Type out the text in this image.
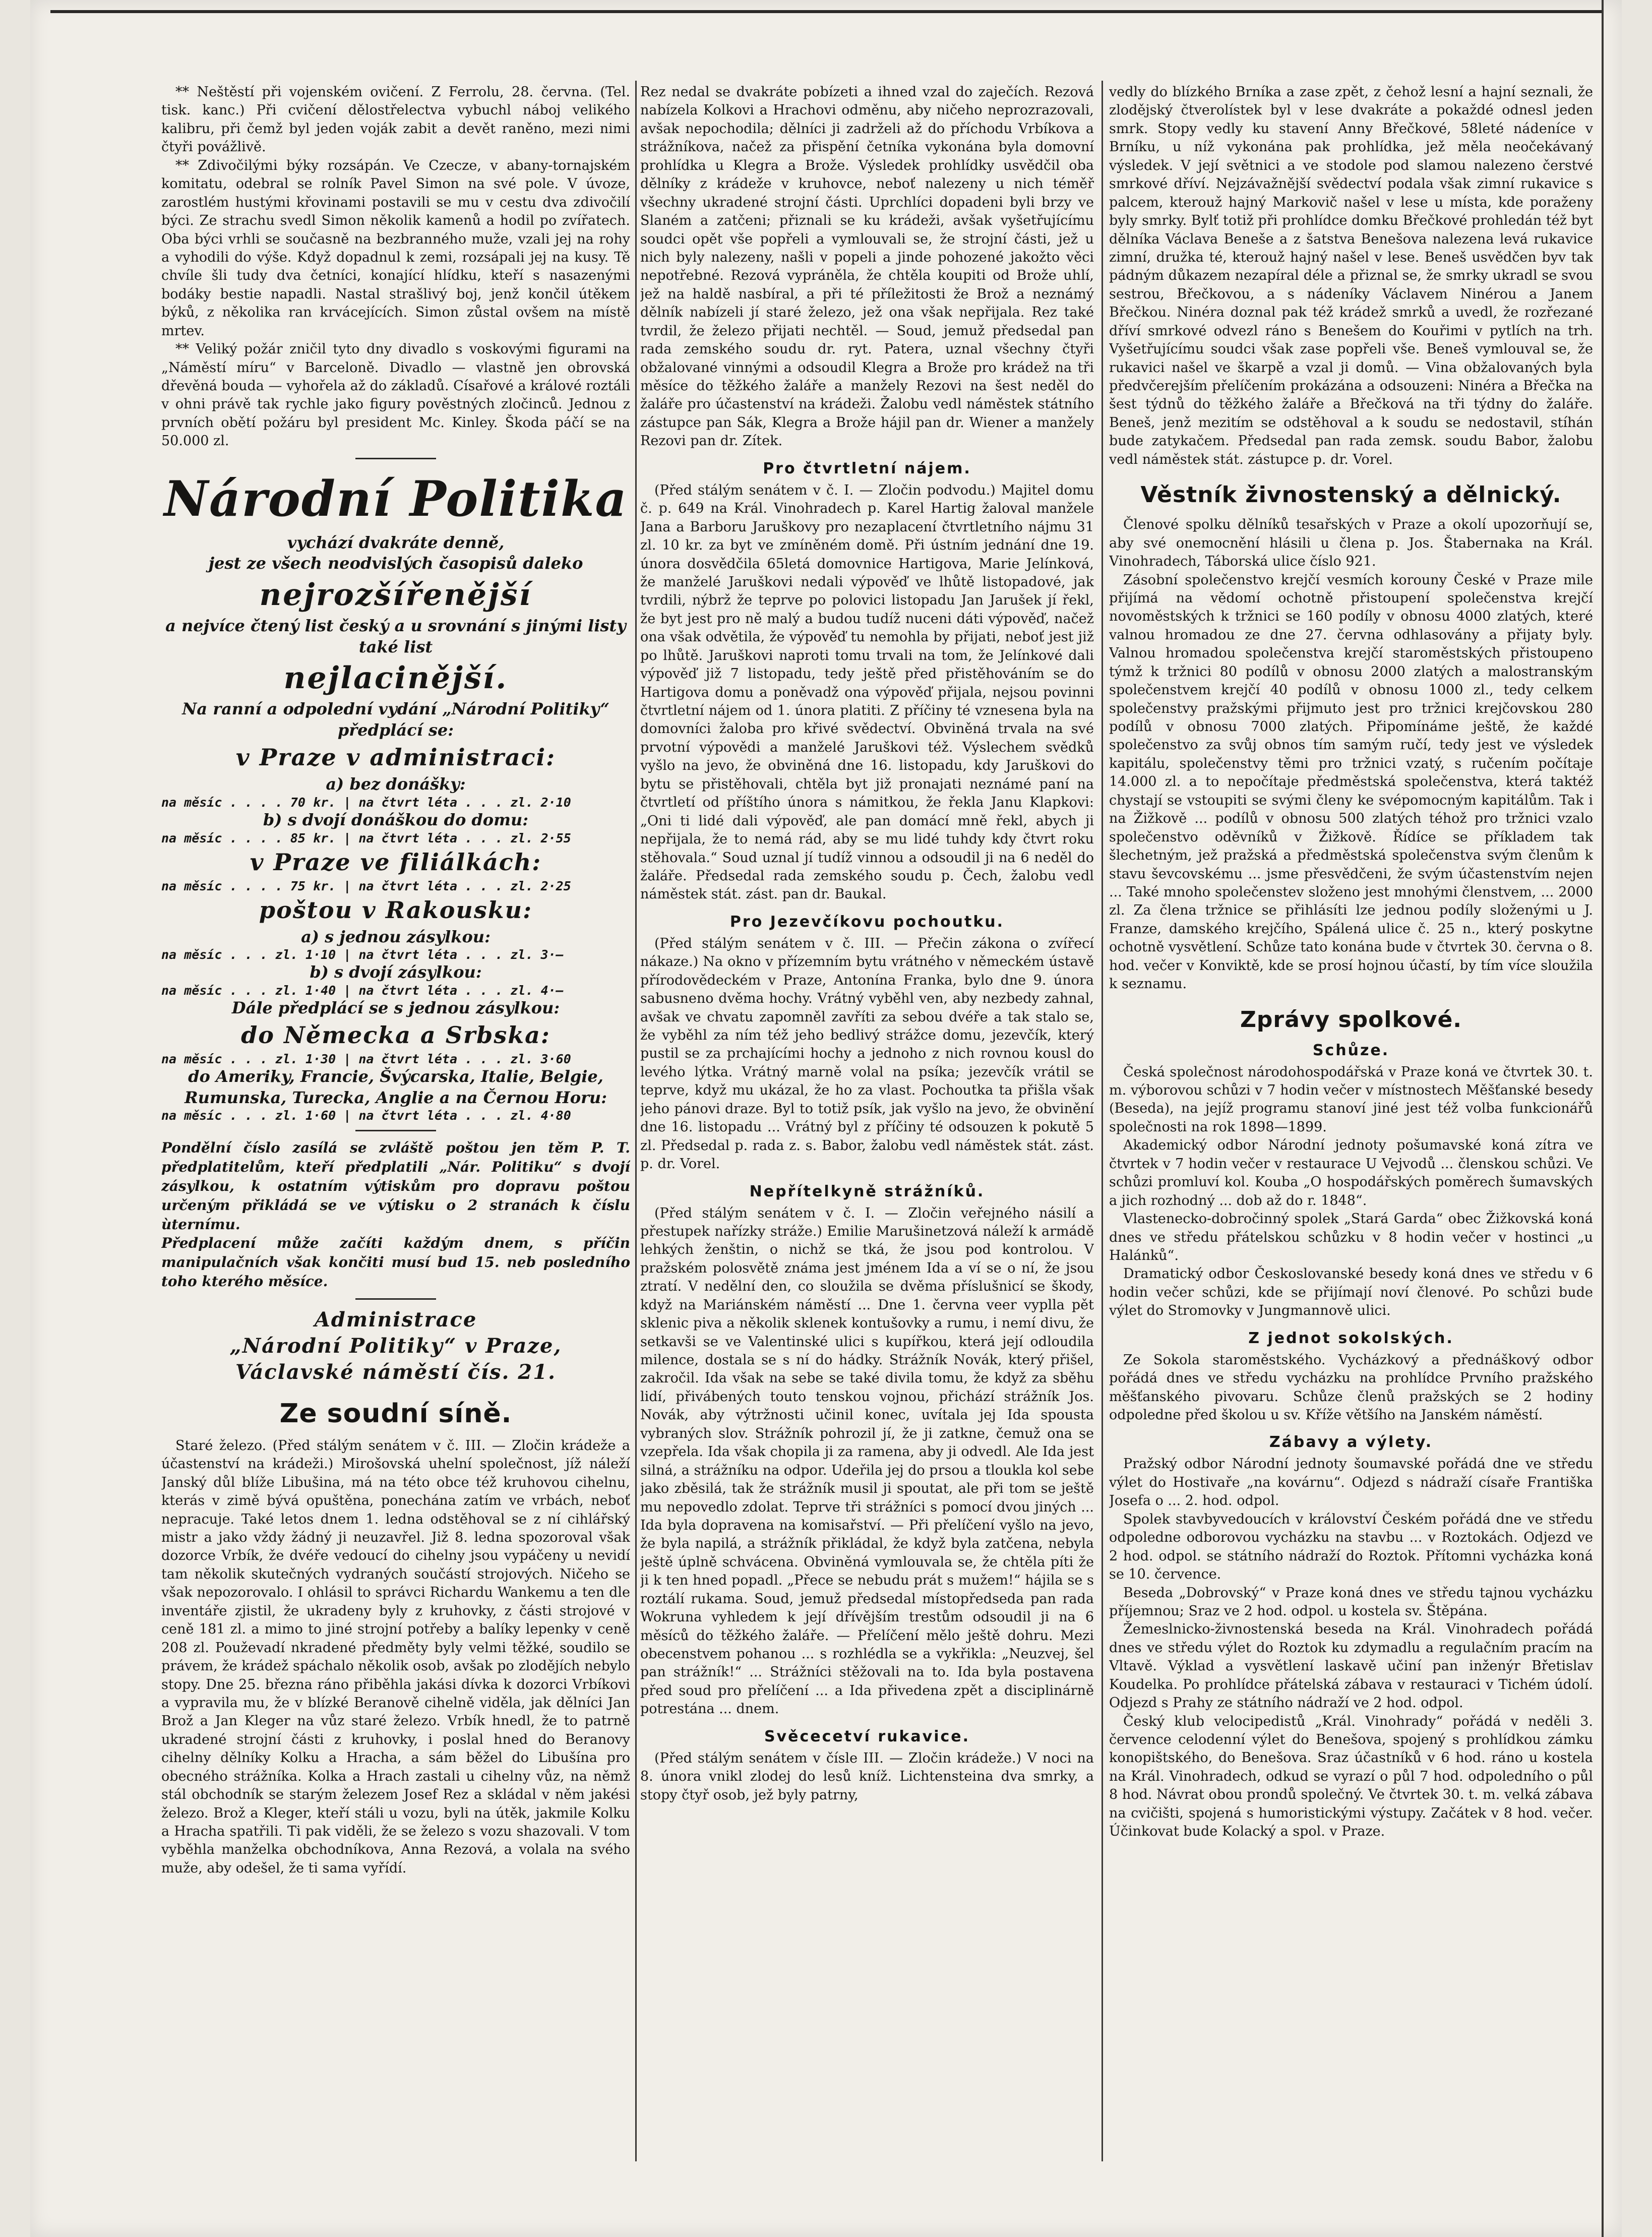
** Neštěstí při vojenském ovičení. Z Ferrolu, 28. června. (Tel. tisk. kanc.) Při cvičení dělostřelectva vybuchl náboj velikého kalibru, při čemž byl jeden voják zabit a devět raněno, mezi nimi čtyři povážlivě.

** Zdivočilými býky rozsápán. Ve Czecze, v abany-tornajském komitatu, odebral se rolník Pavel Simon na své pole. V úvoze, zarostlém hustými křovinami postavili se mu v cestu dva zdivočilí býci. Ze strachu svedl Simon několik kamenů a hodil po zvířatech. Oba býci vrhli se současně na bezbranného muže, vzali jej na rohy a vyhodili do výše. Když dopadnul k zemi, rozsápali jej na kusy. Tě chvíle šli tudy dva četníci, konající hlídku, kteří s nasazenými bodáky bestie napadli. Nastal strašlivý boj, jenž končil útěkem býků, z několika ran krvácejících. Simon zůstal ovšem na místě mrtev.

** Veliký požár zničil tyto dny divadlo s voskovými figurami na „Náměstí míru“ v Barceloně. Divadlo — vlastně jen obrovská dřevěná bouda — vyhořela až do základů. Císařové a králové roztáli v ohni právě tak rychle jako figury pověstných zločinců. Jednou z prvních obětí požáru byl president Mc. Kinley. Škoda páčí se na 50.000 zl.

Národní Politika
vychází dvakráte denně,
jest ze všech neodvislých časopisů daleko
nejrozšířenější
a nejvíce čtený list český a u srovnání s jinými listy také list
nejlacinější.
Na ranní a odpolední vydání „Národní Politiky“ předplácí se:
v Praze v administraci:
a) bez donášky:
na měsíc . . . . 70 kr. | na čtvrt léta . . . zl. 2·10
b) s dvojí donáškou do domu:
na měsíc . . . . 85 kr. | na čtvrt léta . . . zl. 2·55
v Praze ve filiálkách:
na měsíc . . . . 75 kr. | na čtvrt léta . . . zl. 2·25
poštou v Rakousku:
a) s jednou zásylkou:
na měsíc . . . zl. 1·10 | na čtvrt léta . . . zl. 3·—
b) s dvojí zásylkou:
na měsíc . . . zl. 1·40 | na čtvrt léta . . . zl. 4·—
Dále předplácí se s jednou zásylkou:
do Německa a Srbska:
na měsíc . . . zl. 1·30 | na čtvrt léta . . . zl. 3·60
do Ameriky, Francie, Švýcarska, Italie, Belgie, Rumunska, Turecka, Anglie a na Černou Horu:
na měsíc . . . zl. 1·60 | na čtvrt léta . . . zl. 4·80
Pondělní číslo zasílá se zvláště poštou jen těm P. T. předplatitelům, kteří předplatili „Nár. Politiku“ s dvojí zásylkou, k ostatním výtiskům pro dopravu poštou určeným přikládá se ve výtisku o 2 stranách k číslu ùternímu.
Předplacení může začíti každým dnem, s příčin manipulačních však končiti musí bud 15. neb posledního toho kterého měsíce.
Administrace
„Národní Politiky“ v Praze,
Václavské náměstí čís. 21.
Ze soudní síně.

Staré železo. (Před stálým senátem v č. III. — Zločin krádeže a účastenství na krádeži.) Mirošovská uhelní společnost, jíž náleží Janský důl blíže Libušina, má na této obce též kruhovou cihelnu, kterás v zimě bývá opuštěna, ponechána zatím ve vrbách, neboť nepracuje. Také letos dnem 1. ledna odstěhoval se z ní cihlářský mistr a jako vždy žádný ji neuzavřel. Již 8. ledna spozoroval však dozorce Vrbík, že dvéře vedoucí do cihelny jsou vypáčeny u nevidí tam několik skutečných vydraných součástí strojových. Ničeho se však nepozorovalo. I ohlásil to správci Richardu Wankemu a ten dle inventáře zjistil, že ukradeny byly z kruhovky, z části strojové v ceně 181 zl. a mimo to jiné strojní potřeby a balíky lepenky v ceně 208 zl. Použevadí nkradené předměty byly velmi těžké, soudilo se právem, že krádež spáchalo několik osob, avšak po zlodějích nebylo stopy. Dne 25. března ráno přiběhla jakási dívka k dozorci Vrbíkovi a vypravila mu, že v blízké Beranově cihelně viděla, jak dělníci Jan Brož a Jan Kleger na vůz staré železo. Vrbík hnedl, že to patrně ukradené strojní části z kruhovky, i poslal hned do Beranovy cihelny dělníky Kolku a Hracha, a sám běžel do Libušína pro obecného strážníka. Kolka a Hrach zastali u cihelny vůz, na němž stál obchodník se starým železem Josef Rez a skládal v něm jakési železo. Brož a Kleger, kteří stáli u vozu, byli na útěk, jakmile Kolku a Hracha spatřili. Ti pak viděli, že se železo s vozu shazovali. V tom vyběhla manželka obchodníkova, Anna Rezová, a volala na svého muže, aby odešel, že ti sama vyřídí.

Rez nedal se dvakráte pobízeti a ihned vzal do zaječích. Rezová nabízela Kolkovi a Hrachovi odměnu, aby ničeho neprozrazovali, avšak nepochodila; dělníci ji zadrželi až do příchodu Vrbíkova a strážníkova, načež za přispění četníka vykonána byla domovní prohlídka u Klegra a Brože. Výsledek prohlídky usvědčil oba dělníky z krádeže v kruhovce, neboť nalezeny u nich téměř všechny ukradené strojní části. Uprchlíci dopadeni byli brzy ve Slaném a zatčeni; přiznali se ku krádeži, avšak vyšetřujícímu soudci opět vše popřeli a vymlouvali se, že strojní části, jež u nich byly nalezeny, našli v popeli a jinde pohozené jakožto věci nepotřebné. Rezová vypráněla, že chtěla koupiti od Brože uhlí, jež na haldě nasbíral, a při té příležitosti že Brož a neznámý dělník nabízeli jí staré železo, jež ona však nepřijala. Rez také tvrdil, že železo přijati nechtěl. — Soud, jemuž předsedal pan rada zemského soudu dr. ryt. Patera, uznal všechny čtyři obžalované vinnými a odsoudil Klegra a Brože pro krádež na tři měsíce do těžkého žaláře a manžely Rezovi na šest neděl do žaláře pro účastenství na krádeži. Žalobu vedl náměstek státního zástupce pan Sák, Klegra a Brože hájil pan dr. Wiener a manžely Rezovi pan dr. Zítek.

Pro čtvrtletní nájem.

(Před stálým senátem v č. I. — Zločin podvodu.) Majitel domu č. p. 649 na Král. Vinohradech p. Karel Hartig žaloval manžele Jana a Barboru Jaruškovy pro nezaplacení čtvrtletního nájmu 31 zl. 10 kr. za byt ve zmíněném domě. Při ústním jednání dne 19. února dosvědčila 65letá domovnice Hartigova, Marie Jelínková, že manželé Jaruškovi nedali výpověď ve lhůtě listopadové, jak tvrdili, nýbrž že teprve po polovici listopadu Jan Jarušek jí řekl, že byt jest pro ně malý a budou tudíž nuceni dáti výpověď, načež ona však odvětila, že výpověď tu nemohla by přijati, neboť jest již po lhůtě. Jaruškovi naproti tomu trvali na tom, že Jelínkové dali výpověď již 7 listopadu, tedy ještě před přistěhováním se do Hartigova domu a poněvadž ona výpověď přijala, nejsou povinni čtvrtletní nájem od 1. února platiti. Z příčiny té vznesena byla na domovníci žaloba pro křivé svědectví. Obviněná trvala na své prvotní výpovědi a manželé Jaruškovi též. Výslechem svědků vyšlo na jevo, že obviněná dne 16. listopadu, kdy Jaruškovi do bytu se přistěhovali, chtěla byt již pronajati neznámé paní na čtvrtletí od příštího února s námitkou, že řekla Janu Klapkovi: „Oni ti lidé dali výpověď, ale pan domácí mně řekl, abych ji nepřijala, že to nemá rád, aby se mu lidé tuhdy kdy čtvrt roku stěhovala.“ Soud uznal jí tudíž vinnou a odsoudil ji na 6 neděl do žaláře. Předsedal rada zemského soudu p. Čech, žalobu vedl náměstek stát. zást. pan dr. Baukal.

Pro Jezevčíkovu pochoutku.

(Před stálým senátem v č. III. — Přečin zákona o zvířecí nákaze.) Na okno v přízemním bytu vrátného v německém ústavě přírodovědeckém v Praze, Antonína Franka, bylo dne 9. února sabusneno dvěma hochy. Vrátný vyběhl ven, aby nezbedy zahnal, avšak ve chvatu zapomněl zavříti za sebou dvéře a tak stalo se, že vyběhl za ním též jeho bedlivý strážce domu, jezevčík, který pustil se za prchajícími hochy a jednoho z nich rovnou kousl do levého lýtka. Vrátný marně volal na psíka; jezevčík vrátil se teprve, když mu ukázal, že ho za vlast. Pochoutka ta přišla však jeho pánovi draze. Byl to totiž psík, jak vyšlo na jevo, že obvinění dne 16. listopadu ... Vrátný byl z příčiny té odsouzen k pokutě 5 zl. Předsedal p. rada z. s. Babor, žalobu vedl náměstek stát. zást. p. dr. Vorel.

Nepřítelkyně strážníků.

(Před stálým senátem v č. I. — Zločin veřejného násilí a přestupek nařízky stráže.) Emilie Marušinetzová náleží k armádě lehkých ženštin, o nichž se tká, že jsou pod kontrolou. V pražském polosvětě známa jest jménem Ida a ví se o ní, že jsou ztratí. V nedělní den, co sloužila se dvěma příslušnicí se škody, když na Mariánském náměstí ... Dne 1. června veer vyplla pět sklenic piva a několik sklenek kontušovky a rumu, i nemí divu, že setkavši se ve Valentinské ulici s kupířkou, která její odloudila milence, dostala se s ní do hádky. Strážník Novák, který přišel, zakročil. Ida však na sebe se také divila tomu, že když za sběhu lidí, přivábených touto tenskou vojnou, přichází strážník Jos. Novák, aby výtržnosti učinil konec, uvítala jej Ida spousta vybraných slov. Strážník pohrozil jí, že ji zatkne, čemuž ona se vzepřela. Ida však chopila ji za ramena, aby ji odvedl. Ale Ida jest silná, a strážníku na odpor. Udeřila jej do prsou a tloukla kol sebe jako zběsilá, tak že strážník musil ji spoutat, ale při tom se ještě mu nepovedlo zdolat. Teprve tři strážníci s pomocí dvou jiných ... Ida byla dopravena na komisařství. — Při přelíčení vyšlo na jevo, že byla napilá, a strážník přikládal, že když byla zatčena, nebyla ještě úplně schvácena. Obviněná vymlouvala se, že chtěla píti že ji k ten hned popadl. „Přece se nebudu prát s mužem!“ hájila se s roztálí rukama. Soud, jemuž předsedal místopředseda pan rada Wokruna vyhledem k její dřívějším trestům odsoudil ji na 6 měsíců do těžkého žaláře. — Přelíčení mělo ještě dohru. Mezi obecenstvem pohanou ... s rozhlédla se a vykřikla: „Neuzvej, šel pan strážník!“ ... Strážníci stěžovali na to. Ida byla postavena před soud pro přelíčení ... a Ida přivedena zpět a disciplinárně potrestána ... dnem.

Svěcecetví rukavice.

(Před stálým senátem v čísle III. — Zločin krádeže.) V noci na 8. února vnikl zlodej do lesů kníž. Lichtensteina dva smrky, a stopy čtyř osob, jež byly patrny,

vedly do blízkého Brníka a zase zpět, z čehož lesní a hajní seznali, že zlodějský čtverolístek byl v lese dvakráte a pokaždé odnesl jeden smrk. Stopy vedly ku stavení Anny Břečkové, 58leté nádeníce v Brníku, u níž vykonána pak prohlídka, jež měla neočekávaný výsledek. V její světnici a ve stodole pod slamou nalezeno čerstvé smrkové dříví. Nejzávažnější svědectví podala však zimní rukavice s palcem, kterouž hajný Markovič našel v lese u místa, kde poraženy byly smrky. Bylť totiž při prohlídce domku Břečkové prohledán též byt dělníka Václava Beneše a z šatstva Benešova nalezena levá rukavice zimní, družka té, kterouž hajný našel v lese. Beneš usvědčen byv tak pádným důkazem nezapíral déle a přiznal se, že smrky ukradl se svou sestrou, Břečkovou, a s nádeníky Václavem Ninérou a Janem Břečkou. Ninéra doznal pak též krádež smrků a uvedl, že rozřezané dříví smrkové odvezl ráno s Benešem do Kouřimi v pytlích na trh. Vyšetřujícímu soudci však zase popřeli vše. Beneš vymlouval se, že rukavici našel ve škarpě a vzal ji domů. — Vina obžalovaných byla předvčerejším přelíčením prokázána a odsouzeni: Ninéra a Břečka na šest týdnů do těžkého žaláře a Břečková na tři týdny do žaláře. Beneš, jenž mezitím se odstěhoval a k soudu se nedostavil, stíhán bude zatykačem. Předsedal pan rada zemsk. soudu Babor, žalobu vedl náměstek stát. zástupce p. dr. Vorel.

Věstník živnostenský a dělnický.

Členové spolku dělníků tesařských v Praze a okolí upozorňují se, aby své onemocnění hlásili u člena p. Jos. Štabernaka na Král. Vinohradech, Táborská ulice číslo 921.

Zásobní společenstvo krejčí vesmích korouny České v Praze mile přijímá na vědomí ochotně přistoupení společenstva krejčí novoměstských k tržnici se 160 podíly v obnosu 4000 zlatých, které valnou hromadou ze dne 27. června odhlasovány a přijaty byly. Valnou hromadou společenstva krejčí staroměstských přistoupeno týmž k tržnici 80 podílů v obnosu 2000 zlatých a malostranským společenstvem krejčí 40 podílů v obnosu 1000 zl., tedy celkem společenstvy pražskými přijmuto jest pro tržnici krejčovskou 280 podílů v obnosu 7000 zlatých. Připomínáme ještě, že každé společenstvo za svůj obnos tím samým ručí, tedy jest ve výsledek kapitálu, společenstvy těmi pro tržnici vzatý, s ručením počítaje 14.000 zl. a to nepočítaje předměstská společenstva, která taktéž chystají se vstoupiti se svými členy ke svépomocným kapitálům. Tak i na Žižkově ... podílů v obnosu 500 zlatých téhož pro tržnici vzalo společenstvo oděvníků v Žižkově. Řídíce se příkladem tak šlechetným, jež pražská a předměstská společenstva svým členům k stavu ševcovskému ... jsme přesvědčeni, že svým účastenstvím nejen ... Také mnoho společenstev složeno jest mnohými členstvem, ... 2000 zl. Za člena tržnice se přihlásíti lze jednou podíly složenými u J. Franze, damského krejčího, Spálená ulice č. 25 n., který poskytne ochotně vysvětlení. Schůze tato konána bude v čtvrtek 30. června o 8. hod. večer v Konviktě, kde se prosí hojnou účastí, by tím více sloužila k seznamu.

Zprávy spolkové.
Schůze.

Česká společnost národohospodářská v Praze koná ve čtvrtek 30. t. m. výborovou schůzi v 7 hodin večer v místnostech Měšťanské besedy (Beseda), na jejíž programu stanoví jiné jest též volba funkcionářů společnosti na rok 1898—1899.

Akademický odbor Národní jednoty pošumavské koná zítra ve čtvrtek v 7 hodin večer v restaurace U Vejvodů ... členskou schůzi. Ve schůzi promluví kol. Kouba „O hospodářských poměrech šumavských a jich rozhodný ... dob až do r. 1848“.

Vlastenecko-dobročinný spolek „Stará Garda“ obec Žižkovská koná dnes ve středu přátelskou schůzku v 8 hodin večer v hostinci „u Halánků“.

Dramatický odbor Českoslovanské besedy koná dnes ve středu v 6 hodin večer schůzi, kde se přijímají noví členové. Po schůzi bude výlet do Stromovky v Jungmannově ulici.

Z jednot sokolských.

Ze Sokola staroměstského. Vycházkový a přednáškový odbor pořádá dnes ve středu vycházku na prohlídce Prvního pražského měšťanského pivovaru. Schůze členů pražských se 2 hodiny odpoledne před školou u sv. Kříže většího na Janském náměstí.

Zábavy a výlety.

Pražský odbor Národní jednoty šoumavské pořádá dne ve středu výlet do Hostivaře „na kovárnu“. Odjezd s nádraží císaře Františka Josefa o ... 2. hod. odpol.

Spolek stavbyvedoucích v království Českém pořádá dne ve středu odpoledne odborovou vycházku na stavbu ... v Roztokách. Odjezd ve 2 hod. odpol. se státního nádraží do Roztok. Přítomni vycházka koná se 10. července.

Beseda „Dobrovský“ v Praze koná dnes ve středu tajnou vycházku příjemnou; Sraz ve 2 hod. odpol. u kostela sv. Štěpána.

Žemeslnicko-živnostenská beseda na Král. Vinohradech pořádá dnes ve středu výlet do Roztok ku zdymadlu a regulačním pracím na Vltavě. Výklad a vysvětlení laskavě učiní pan inženýr Břetislav Koudelka. Po prohlídce přátelská zábava v restauraci v Tichém údolí. Odjezd s Prahy ze státního nádraží ve 2 hod. odpol.

Český klub velocipedistů „Král. Vinohrady“ pořádá v neděli 3. července celodenní výlet do Benešova, spojený s prohlídkou zámku konopištského, do Benešova. Sraz účastníků v 6 hod. ráno u kostela na Král. Vinohradech, odkud se vyrazí o půl 7 hod. odpoledního o půl 8 hod. Návrat obou prondů společný. Ve čtvrtek 30. t. m. velká zábava na cvičišti, spojená s humoristickými výstupy. Začátek v 8 hod. večer. Účinkovat bude Kolacký a spol. v Praze.
